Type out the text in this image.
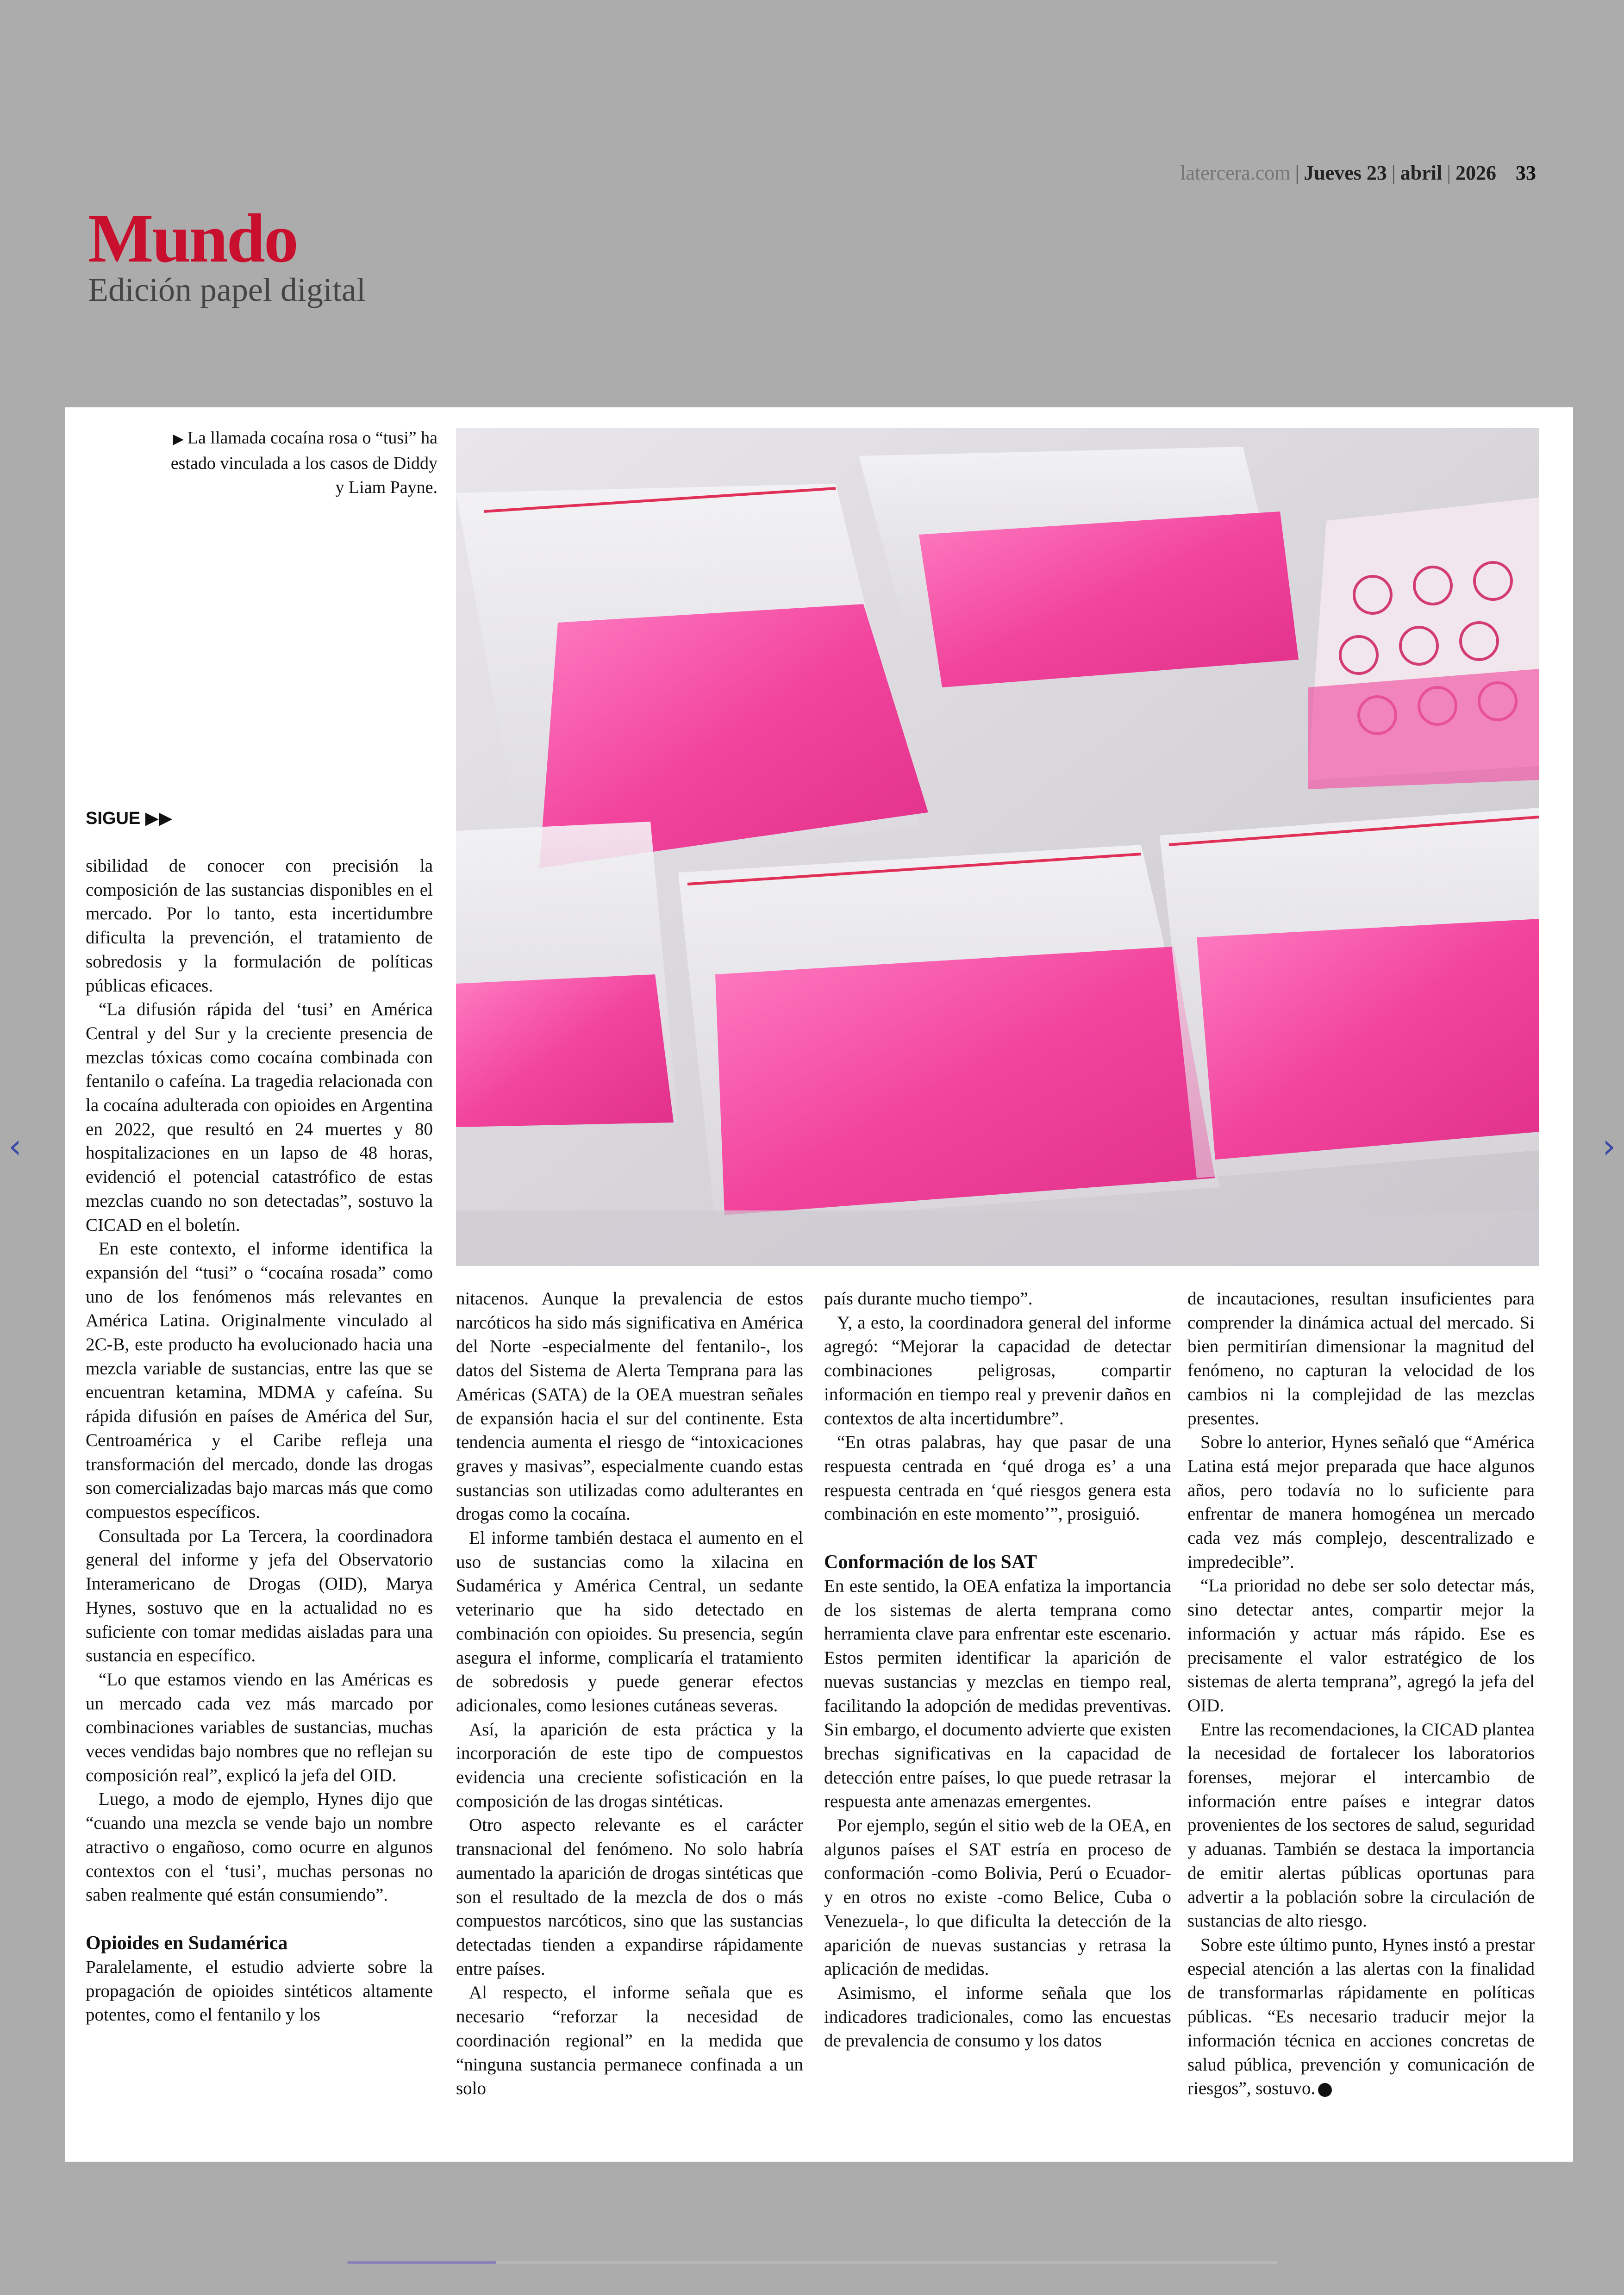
latercera.com | Jueves 23 | abril | 2026 33
Mundo
Edición papel digital
▶ La llamada cocaína rosa o “tusi” ha estado vinculada a los casos de Diddy y Liam Payne.
SIGUE ▶▶

sibilidad de conocer con precisión la composición de las sustancias disponibles en el mercado. Por lo tanto, esta incertidumbre dificulta la prevención, el tratamiento de sobredosis y la formulación de políticas públicas eficaces.

“La difusión rápida del ‘tusi’ en América Central y del Sur y la creciente presencia de mezclas tóxicas como cocaína combinada con fentanilo o cafeína. La tragedia relacionada con la cocaína adulterada con opioides en Argentina en 2022, que resultó en 24 muertes y 80 hospitalizaciones en un lapso de 48 horas, evidenció el potencial catastrófico de estas mezclas cuando no son detectadas”, sostuvo la CICAD en el boletín.

En este contexto, el informe identifica la expansión del “tusi” o “cocaína rosada” como uno de los fenómenos más relevantes en América Latina. Originalmente vinculado al 2C-B, este producto ha evolucionado hacia una mezcla variable de sustancias, entre las que se encuentran ketamina, MDMA y cafeína. Su rápida difusión en países de América del Sur, Centroamérica y el Caribe refleja una transformación del mercado, donde las drogas son comercializadas bajo marcas más que como compuestos específicos.

Consultada por La Tercera, la coordinadora general del informe y jefa del Observatorio Interamericano de Drogas (OID), Marya Hynes, sostuvo que en la actualidad no es suficiente con tomar medidas aisladas para una sustancia en específico.

“Lo que estamos viendo en las Américas es un mercado cada vez más marcado por combinaciones variables de sustancias, muchas veces vendidas bajo nombres que no reflejan su composición real”, explicó la jefa del OID.

Luego, a modo de ejemplo, Hynes dijo que “cuando una mezcla se vende bajo un nombre atractivo o engañoso, como ocurre en algunos contextos con el ‘tusi’, muchas personas no saben realmente qué están consumiendo”.

Opioides en Sudamérica

Paralelamente, el estudio advierte sobre la propagación de opioides sintéticos altamente potentes, como el fentanilo y los

nitacenos. Aunque la prevalencia de estos narcóticos ha sido más significativa en América del Norte -especialmente del fentanilo-, los datos del Sistema de Alerta Temprana para las Américas (SATA) de la OEA muestran señales de expansión hacia el sur del continente. Esta tendencia aumenta el riesgo de “intoxicaciones graves y masivas”, especialmente cuando estas sustancias son utilizadas como adulterantes en drogas como la cocaína.

El informe también destaca el aumento en el uso de sustancias como la xilacina en Sudamérica y América Central, un sedante veterinario que ha sido detectado en combinación con opioides. Su presencia, según asegura el informe, complicaría el tratamiento de sobredosis y puede generar efectos adicionales, como lesiones cutáneas severas.

Así, la aparición de esta práctica y la incorporación de este tipo de compuestos evidencia una creciente sofisticación en la composición de las drogas sintéticas.

Otro aspecto relevante es el carácter transnacional del fenómeno. No solo habría aumentado la aparición de drogas sintéticas que son el resultado de la mezcla de dos o más compuestos narcóticos, sino que las sustancias detectadas tienden a expandirse rápidamente entre países.

Al respecto, el informe señala que es necesario “reforzar la necesidad de coordinación regional” en la medida que “ninguna sustancia permanece confinada a un solo

país durante mucho tiempo”.

Y, a esto, la coordinadora general del informe agregó: “Mejorar la capacidad de detectar combinaciones peligrosas, compartir información en tiempo real y prevenir daños en contextos de alta incertidumbre”.

“En otras palabras, hay que pasar de una respuesta centrada en ‘qué droga es’ a una respuesta centrada en ‘qué riesgos genera esta combinación en este momento’”, prosiguió.

Conformación de los SAT

En este sentido, la OEA enfatiza la importancia de los sistemas de alerta temprana como herramienta clave para enfrentar este escenario. Estos permiten identificar la aparición de nuevas sustancias y mezclas en tiempo real, facilitando la adopción de medidas preventivas. Sin embargo, el documento advierte que existen brechas significativas en la capacidad de detección entre países, lo que puede retrasar la respuesta ante amenazas emergentes.

Por ejemplo, según el sitio web de la OEA, en algunos países el SAT estría en proceso de conformación -como Bolivia, Perú o Ecuador- y en otros no existe -como Belice, Cuba o Venezuela-, lo que dificulta la detección de la aparición de nuevas sustancias y retrasa la aplicación de medidas.

Asimismo, el informe señala que los indicadores tradicionales, como las encuestas de prevalencia de consumo y los datos

de incautaciones, resultan insuficientes para comprender la dinámica actual del mercado. Si bien permitirían dimensionar la magnitud del fenómeno, no capturan la velocidad de los cambios ni la complejidad de las mezclas presentes.

Sobre lo anterior, Hynes señaló que “América Latina está mejor preparada que hace algunos años, pero todavía no lo suficiente para enfrentar de manera homogénea un mercado cada vez más complejo, descentralizado e impredecible”.

“La prioridad no debe ser solo detectar más, sino detectar antes, compartir mejor la información y actuar más rápido. Ese es precisamente el valor estratégico de los sistemas de alerta temprana”, agregó la jefa del OID.

Entre las recomendaciones, la CICAD plantea la necesidad de fortalecer los laboratorios forenses, mejorar el intercambio de información entre países e integrar datos provenientes de los sectores de salud, seguridad y aduanas. También se destaca la importancia de emitir alertas públicas oportunas para advertir a la población sobre la circulación de sustancias de alto riesgo.

Sobre este último punto, Hynes instó a prestar especial atención a las alertas con la finalidad de transformarlas rápidamente en políticas públicas. “Es necesario traducir mejor la información técnica en acciones concretas de salud pública, prevención y comunicación de riesgos”, sostuvo.

‹	›
